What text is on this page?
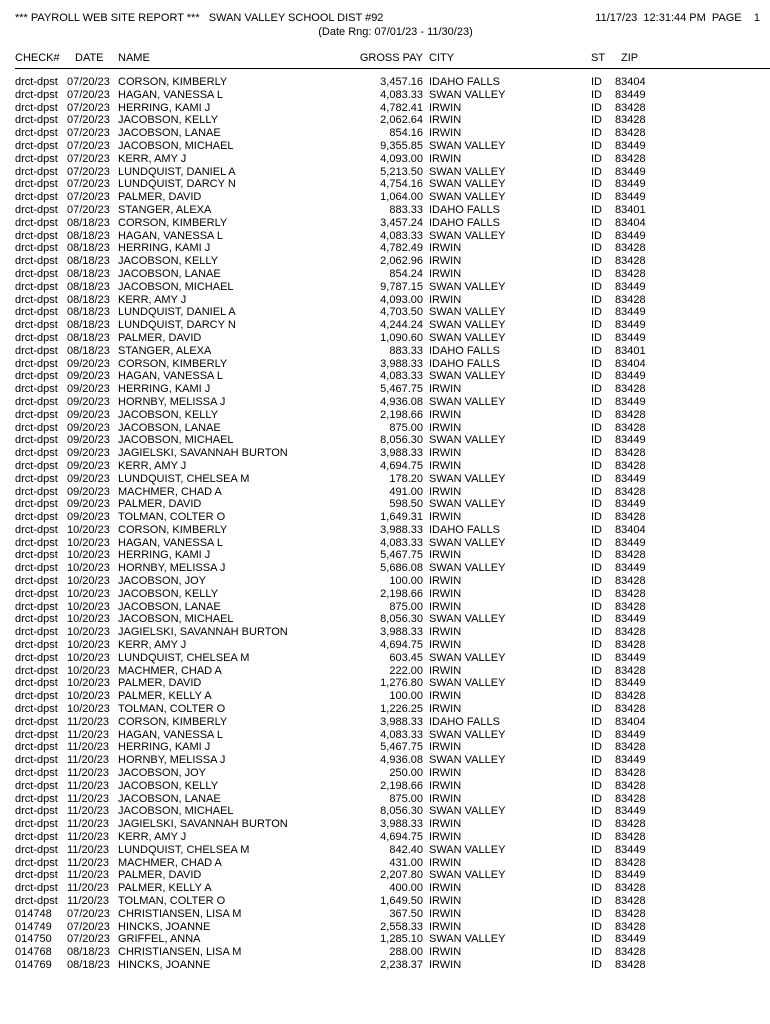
*** PAYROLL WEB SITE REPORT ***   SWAN VALLEY SCHOOL DIST #92	11/17/23  12:31:44 PM  PAGE    1
(Date Rng: 07/01/23 - 11/30/23)
CHECK# DATE NAME	GROSS PAY CITY	ST ZIP
drct-dpst 07/20/23 CORSON, KIMBERLY	3,457.16 IDAHO FALLS	ID 83404
drct-dpst 07/20/23 HAGAN, VANESSA L	4,083.33 SWAN VALLEY	ID 83449
drct-dpst 07/20/23 HERRING, KAMI J	4,782.41 IRWIN	ID 83428
drct-dpst 07/20/23 JACOBSON, KELLY	2,062.64 IRWIN	ID 83428
drct-dpst 07/20/23 JACOBSON, LANAE	854.16 IRWIN	ID 83428
drct-dpst 07/20/23 JACOBSON, MICHAEL	9,355.85 SWAN VALLEY	ID 83449
drct-dpst 07/20/23 KERR, AMY J	4,093.00 IRWIN	ID 83428
drct-dpst 07/20/23 LUNDQUIST, DANIEL A	5,213.50 SWAN VALLEY	ID 83449
drct-dpst 07/20/23 LUNDQUIST, DARCY N	4,754.16 SWAN VALLEY	ID 83449
drct-dpst 07/20/23 PALMER, DAVID	1,064.00 SWAN VALLEY	ID 83449
drct-dpst 07/20/23 STANGER, ALEXA	883.33 IDAHO FALLS	ID 83401
drct-dpst 08/18/23 CORSON, KIMBERLY	3,457.24 IDAHO FALLS	ID 83404
drct-dpst 08/18/23 HAGAN, VANESSA L	4,083.33 SWAN VALLEY	ID 83449
drct-dpst 08/18/23 HERRING, KAMI J	4,782.49 IRWIN	ID 83428
drct-dpst 08/18/23 JACOBSON, KELLY	2,062.96 IRWIN	ID 83428
drct-dpst 08/18/23 JACOBSON, LANAE	854.24 IRWIN	ID 83428
drct-dpst 08/18/23 JACOBSON, MICHAEL	9,787.15 SWAN VALLEY	ID 83449
drct-dpst 08/18/23 KERR, AMY J	4,093.00 IRWIN	ID 83428
drct-dpst 08/18/23 LUNDQUIST, DANIEL A	4,703.50 SWAN VALLEY	ID 83449
drct-dpst 08/18/23 LUNDQUIST, DARCY N	4,244.24 SWAN VALLEY	ID 83449
drct-dpst 08/18/23 PALMER, DAVID	1,090.60 SWAN VALLEY	ID 83449
drct-dpst 08/18/23 STANGER, ALEXA	883.33 IDAHO FALLS	ID 83401
drct-dpst 09/20/23 CORSON, KIMBERLY	3,988.33 IDAHO FALLS	ID 83404
drct-dpst 09/20/23 HAGAN, VANESSA L	4,083.33 SWAN VALLEY	ID 83449
drct-dpst 09/20/23 HERRING, KAMI J	5,467.75 IRWIN	ID 83428
drct-dpst 09/20/23 HORNBY, MELISSA J	4,936.08 SWAN VALLEY	ID 83449
drct-dpst 09/20/23 JACOBSON, KELLY	2,198.66 IRWIN	ID 83428
drct-dpst 09/20/23 JACOBSON, LANAE	875.00 IRWIN	ID 83428
drct-dpst 09/20/23 JACOBSON, MICHAEL	8,056.30 SWAN VALLEY	ID 83449
drct-dpst 09/20/23 JAGIELSKI, SAVANNAH BURTON	3,988.33 IRWIN	ID 83428
drct-dpst 09/20/23 KERR, AMY J	4,694.75 IRWIN	ID 83428
drct-dpst 09/20/23 LUNDQUIST, CHELSEA M	178.20 SWAN VALLEY	ID 83449
drct-dpst 09/20/23 MACHMER, CHAD A	491.00 IRWIN	ID 83428
drct-dpst 09/20/23 PALMER, DAVID	598.50 SWAN VALLEY	ID 83449
drct-dpst 09/20/23 TOLMAN, COLTER O	1,649.31 IRWIN	ID 83428
drct-dpst 10/20/23 CORSON, KIMBERLY	3,988.33 IDAHO FALLS	ID 83404
drct-dpst 10/20/23 HAGAN, VANESSA L	4,083.33 SWAN VALLEY	ID 83449
drct-dpst 10/20/23 HERRING, KAMI J	5,467.75 IRWIN	ID 83428
drct-dpst 10/20/23 HORNBY, MELISSA J	5,686.08 SWAN VALLEY	ID 83449
drct-dpst 10/20/23 JACOBSON, JOY	100.00 IRWIN	ID 83428
drct-dpst 10/20/23 JACOBSON, KELLY	2,198.66 IRWIN	ID 83428
drct-dpst 10/20/23 JACOBSON, LANAE	875.00 IRWIN	ID 83428
drct-dpst 10/20/23 JACOBSON, MICHAEL	8,056.30 SWAN VALLEY	ID 83449
drct-dpst 10/20/23 JAGIELSKI, SAVANNAH BURTON	3,988.33 IRWIN	ID 83428
drct-dpst 10/20/23 KERR, AMY J	4,694.75 IRWIN	ID 83428
drct-dpst 10/20/23 LUNDQUIST, CHELSEA M	603.45 SWAN VALLEY	ID 83449
drct-dpst 10/20/23 MACHMER, CHAD A	222.00 IRWIN	ID 83428
drct-dpst 10/20/23 PALMER, DAVID	1,276.80 SWAN VALLEY	ID 83449
drct-dpst 10/20/23 PALMER, KELLY A	100.00 IRWIN	ID 83428
drct-dpst 10/20/23 TOLMAN, COLTER O	1,226.25 IRWIN	ID 83428
drct-dpst 11/20/23 CORSON, KIMBERLY	3,988.33 IDAHO FALLS	ID 83404
drct-dpst 11/20/23 HAGAN, VANESSA L	4,083.33 SWAN VALLEY	ID 83449
drct-dpst 11/20/23 HERRING, KAMI J	5,467.75 IRWIN	ID 83428
drct-dpst 11/20/23 HORNBY, MELISSA J	4,936.08 SWAN VALLEY	ID 83449
drct-dpst 11/20/23 JACOBSON, JOY	250.00 IRWIN	ID 83428
drct-dpst 11/20/23 JACOBSON, KELLY	2,198.66 IRWIN	ID 83428
drct-dpst 11/20/23 JACOBSON, LANAE	875.00 IRWIN	ID 83428
drct-dpst 11/20/23 JACOBSON, MICHAEL	8,056.30 SWAN VALLEY	ID 83449
drct-dpst 11/20/23 JAGIELSKI, SAVANNAH BURTON	3,988.33 IRWIN	ID 83428
drct-dpst 11/20/23 KERR, AMY J	4,694.75 IRWIN	ID 83428
drct-dpst 11/20/23 LUNDQUIST, CHELSEA M	842.40 SWAN VALLEY	ID 83449
drct-dpst 11/20/23 MACHMER, CHAD A	431.00 IRWIN	ID 83428
drct-dpst 11/20/23 PALMER, DAVID	2,207.80 SWAN VALLEY	ID 83449
drct-dpst 11/20/23 PALMER, KELLY A	400.00 IRWIN	ID 83428
drct-dpst 11/20/23 TOLMAN, COLTER O	1,649.50 IRWIN	ID 83428
014748 07/20/23 CHRISTIANSEN, LISA M	367.50 IRWIN	ID 83428
014749 07/20/23 HINCKS, JOANNE	2,558.33 IRWIN	ID 83428
014750 07/20/23 GRIFFEL, ANNA	1,285.10 SWAN VALLEY	ID 83449
014768 08/18/23 CHRISTIANSEN, LISA M	288.00 IRWIN	ID 83428
014769 08/18/23 HINCKS, JOANNE	2,238.37 IRWIN	ID 83428
